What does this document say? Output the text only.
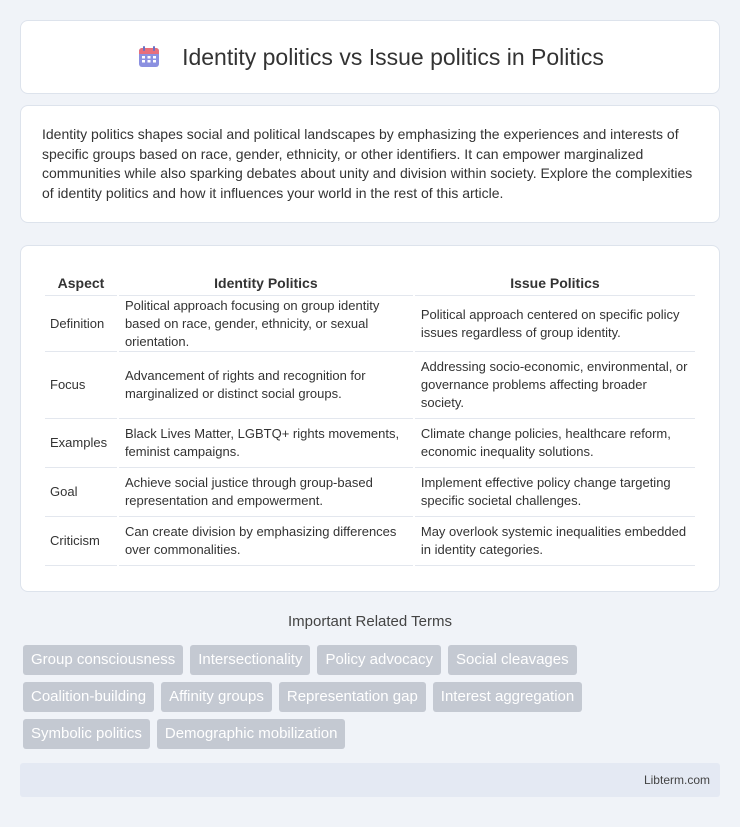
Identity politics vs Issue politics in Politics

Identity politics shapes social and political landscapes by emphasizing the experiences and interests of specific groups based on race, gender, ethnicity, or other identifiers. It can empower marginalized communities while also sparking debates about unity and division within society. Explore the complexities of identity politics and how it influences your world in the rest of this article.

Aspect	Identity Politics	Issue Politics
Definition	Political approach focusing on group identity based on race, gender, ethnicity, or sexual orientation.	Political approach centered on specific policy issues regardless of group identity.
Focus	Advancement of rights and recognition for marginalized or distinct social groups.	Addressing socio-economic, environmental, or governance problems affecting broader society.
Examples	Black Lives Matter, LGBTQ+ rights movements, feminist campaigns.	Climate change policies, healthcare reform, economic inequality solutions.
Goal	Achieve social justice through group-based representation and empowerment.	Implement effective policy change targeting specific societal challenges.
Criticism	Can create division by emphasizing differences over commonalities.	May overlook systemic inequalities embedded in identity categories.
Important Related Terms
Group consciousness	Intersectionality	Policy advocacy	Social cleavages
Coalition-building	Affinity groups	Representation gap	Interest aggregation
Symbolic politics	Demographic mobilization
Libterm.com
